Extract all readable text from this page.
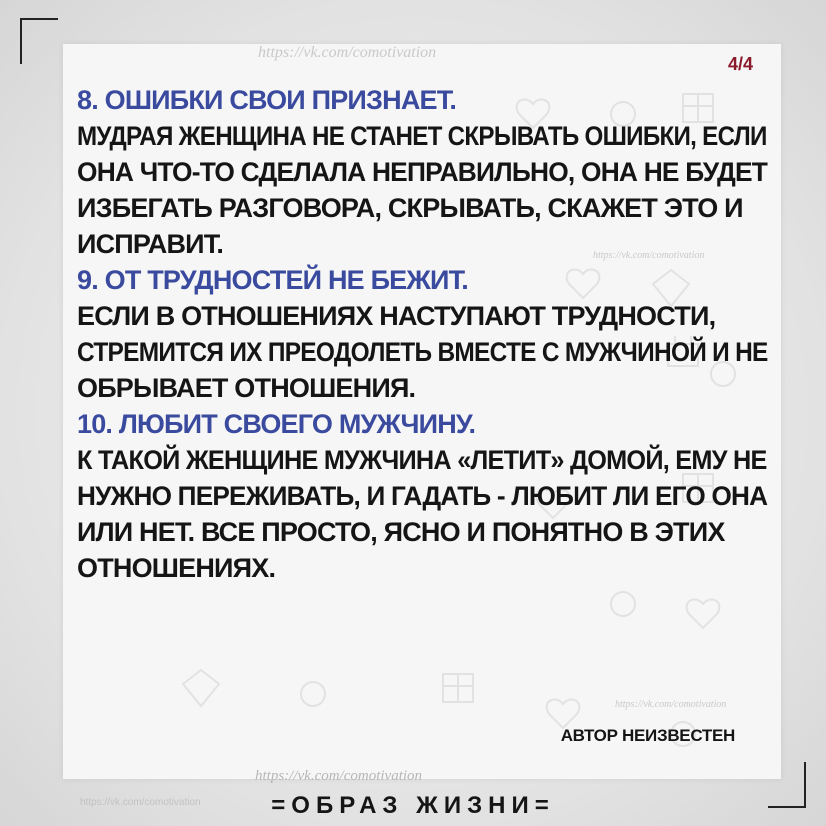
https://vk.com/comotivation
https://vk.com/comotivation
https://vk.com/comotivation
4/4
8. ОШИБКИ СВОИ ПРИЗНАЕТ.
МУДРАЯ ЖЕНЩИНА НЕ СТАНЕТ СКРЫВАТЬ ОШИБКИ, ЕСЛИ
ОНА ЧТО-ТО СДЕЛАЛА НЕПРАВИЛЬНО, ОНА НЕ БУДЕТ
ИЗБЕГАТЬ РАЗГОВОРА, СКРЫВАТЬ, СКАЖЕТ ЭТО И
ИСПРАВИТ.
9. ОТ ТРУДНОСТЕЙ НЕ БЕЖИТ.
ЕСЛИ В ОТНОШЕНИЯХ НАСТУПАЮТ ТРУДНОСТИ,
СТРЕМИТСЯ ИХ ПРЕОДОЛЕТЬ ВМЕСТЕ С МУЖЧИНОЙ И НЕ
ОБРЫВАЕТ ОТНОШЕНИЯ.
10. ЛЮБИТ СВОЕГО МУЖЧИНУ.
К ТАКОЙ ЖЕНЩИНЕ МУЖЧИНА «ЛЕТИТ» ДОМОЙ, ЕМУ НЕ
НУЖНО ПЕРЕЖИВАТЬ, И ГАДАТЬ - ЛЮБИТ ЛИ ЕГО ОНА
ИЛИ НЕТ. ВСЕ ПРОСТО, ЯСНО И ПОНЯТНО В ЭТИХ
ОТНОШЕНИЯХ.
АВТОР НЕИЗВЕСТЕН
https://vk.com/comotivation
https://vk.com/comotivation	=ОБРАЗ ЖИЗНИ=
